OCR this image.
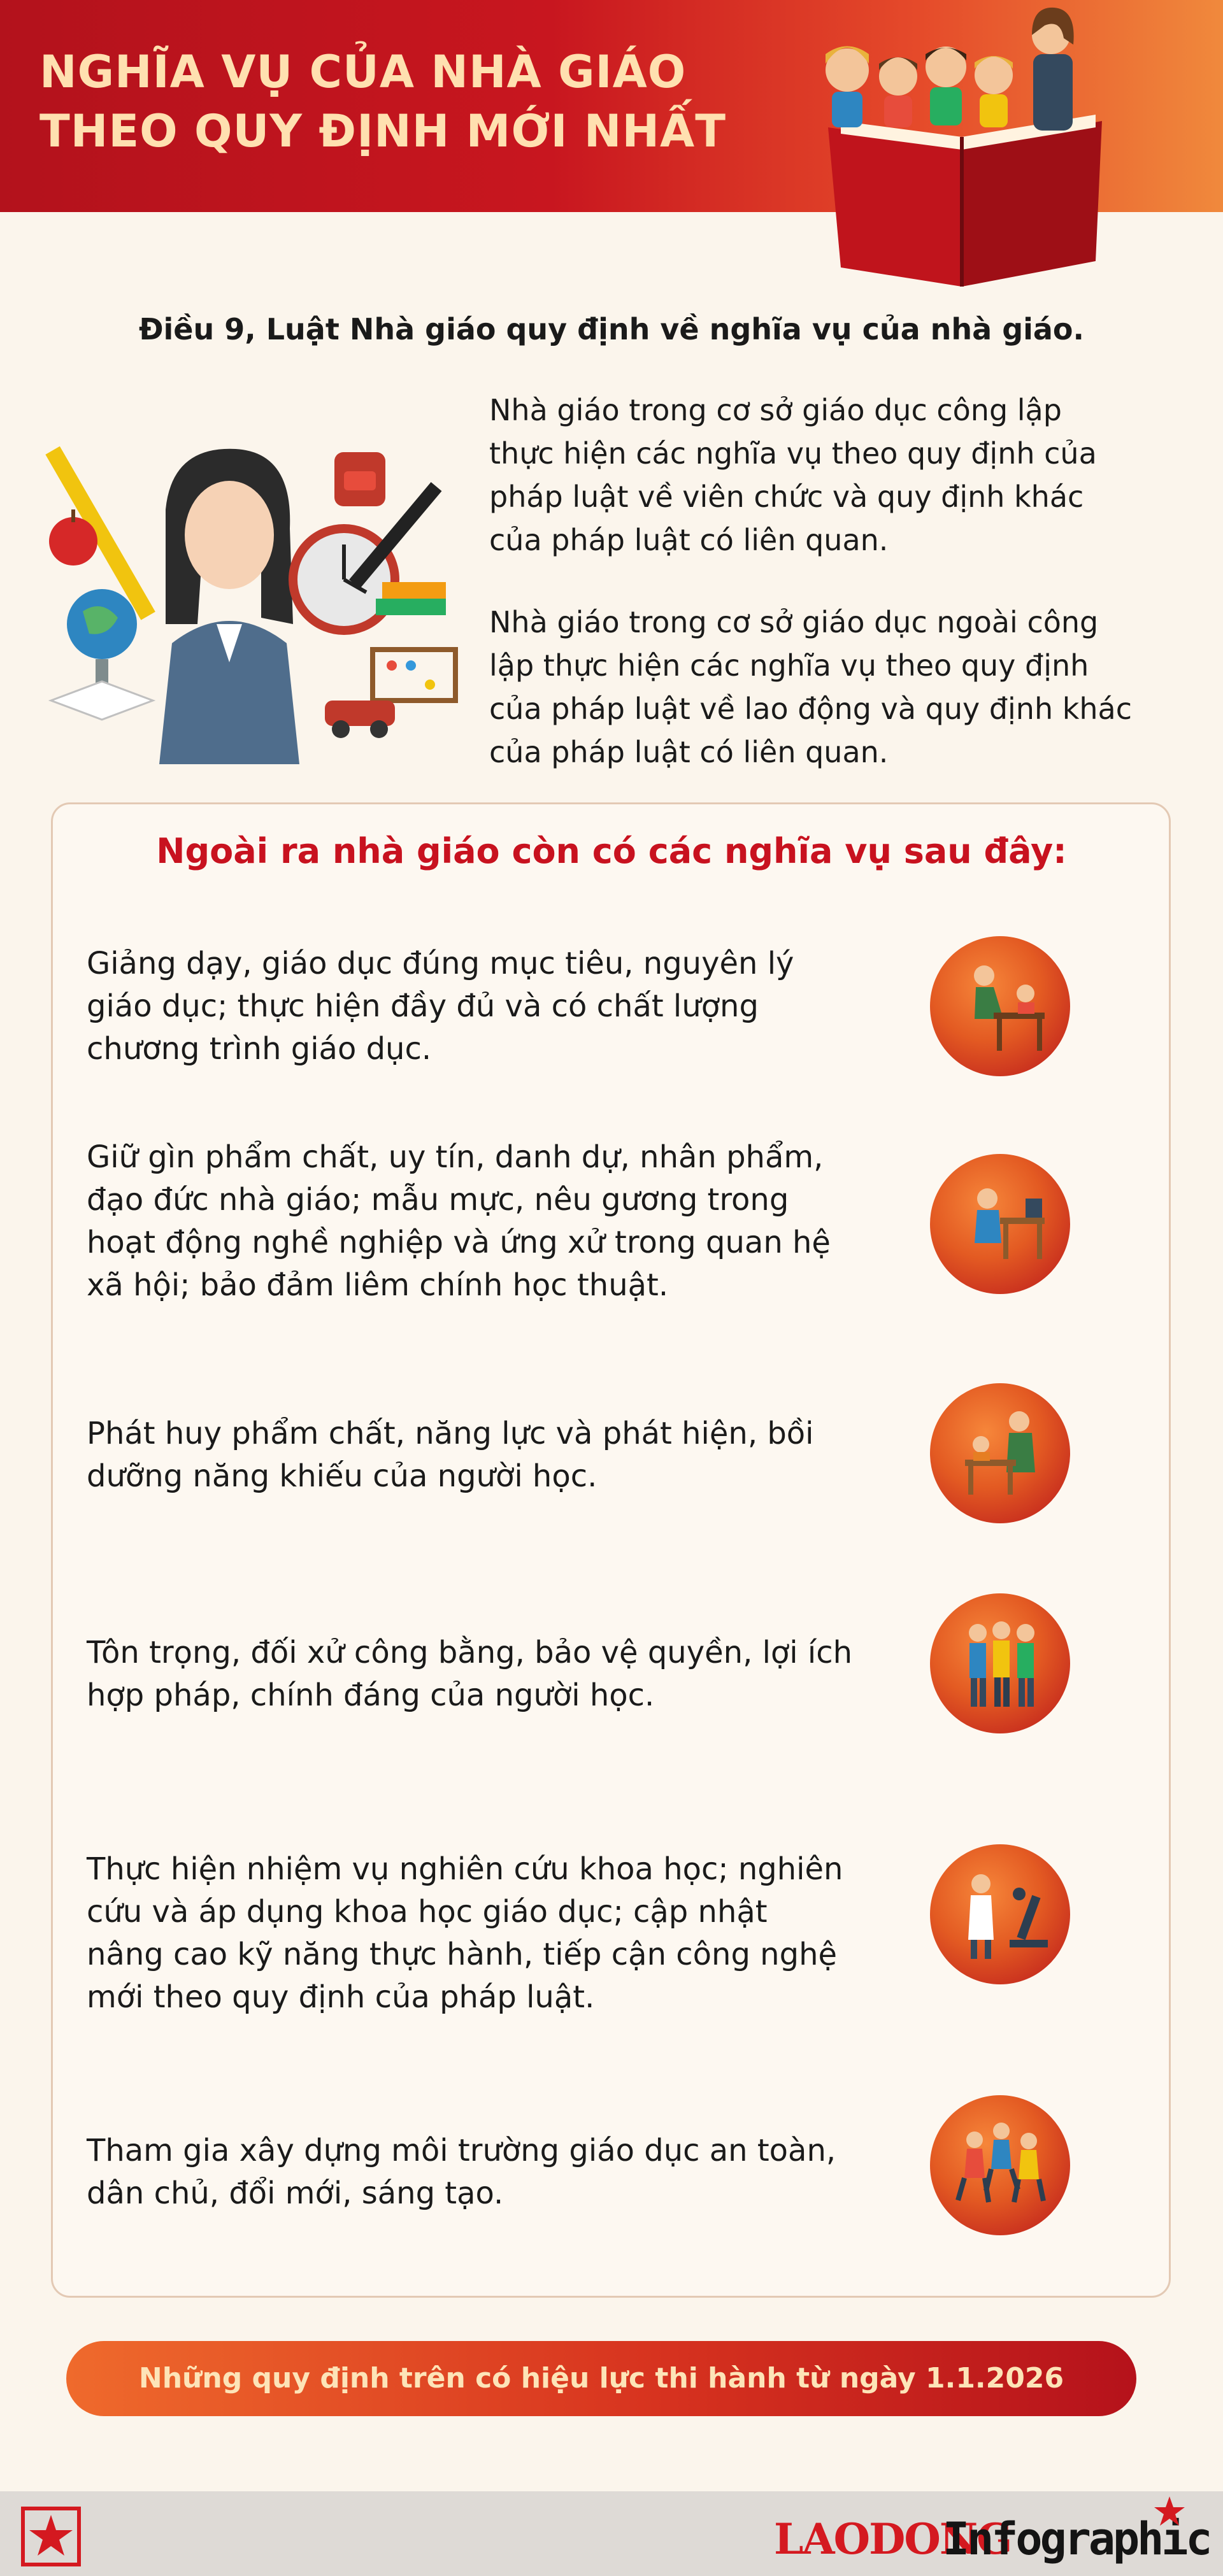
NGHĨA VỤ CỦA NHÀ GIÁO
THEO QUY ĐỊNH MỚI NHẤT
Điều 9, Luật Nhà giáo quy định về nghĩa vụ của nhà giáo.
Nhà giáo trong cơ sở giáo dục công lập
thực hiện các nghĩa vụ theo quy định của
pháp luật về viên chức và quy định khác
của pháp luật có liên quan.
Nhà giáo trong cơ sở giáo dục ngoài công
lập thực hiện các nghĩa vụ theo quy định
của pháp luật về lao động và quy định khác
của pháp luật có liên quan.
Ngoài ra nhà giáo còn có các nghĩa vụ sau đây:
Giảng dạy, giáo dục đúng mục tiêu, nguyên lý
giáo dục; thực hiện đầy đủ và có chất lượng
chương trình giáo dục.
Giữ gìn phẩm chất, uy tín, danh dự, nhân phẩm,
đạo đức nhà giáo; mẫu mực, nêu gương trong
hoạt động nghề nghiệp và ứng xử trong quan hệ
xã hội; bảo đảm liêm chính học thuật.
Phát huy phẩm chất, năng lực và phát hiện, bồi
dưỡng năng khiếu của người học.
Tôn trọng, đối xử công bằng, bảo vệ quyền, lợi ích
hợp pháp, chính đáng của người học.
Thực hiện nhiệm vụ nghiên cứu khoa học; nghiên
cứu và áp dụng khoa học giáo dục; cập nhật
nâng cao kỹ năng thực hành, tiếp cận công nghệ
mới theo quy định của pháp luật.
Tham gia xây dựng môi trường giáo dục an toàn,
dân chủ, đổi mới, sáng tạo.
Những quy định trên có hiệu lực thi hành từ ngày 1.1.2026
LAODONG
Infographic
